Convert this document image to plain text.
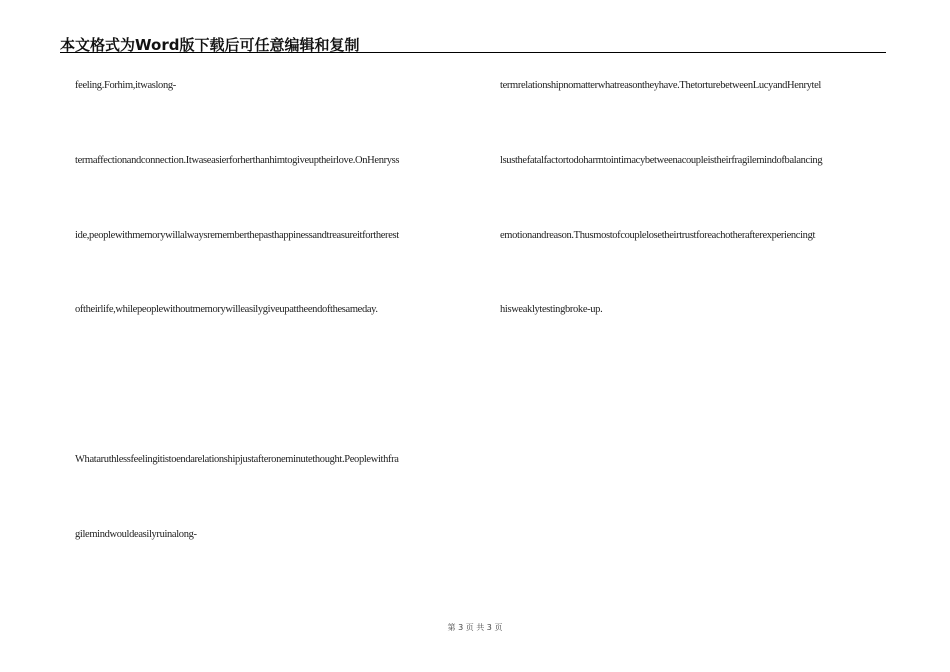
本文格式为Word版下载后可任意编辑和复制
feeling.Forhim,itwaslong-
termaffectionandconnection.Itwaseasierforherthanhimtogiveuptheirlove.OnHenryss
ide,peoplewithmemorywillalwaysrememberthepasthappinessandtreasureitfortherest
oftheirlife,whilepeoplewithoutmemorywilleasilygiveupattheendofthesameday.
Whataruthlessfeelingitistoendarelationshipjustafteroneminutethought.Peoplewithfra
gilemindwouldeasilyruinalong-
termrelationshipnomatterwhatreasontheyhave.ThetorturebetweenLucyandHenrytel
lsusthefatalfactortodoharmtointimacybetweenacoupleistheirfragilemindofbalancing
emotionandreason.Thusmostofcouplelosetheirtrustforeachotherafterexperiencingt
hisweaklytestingbroke-up.
第 3 页 共 3 页
